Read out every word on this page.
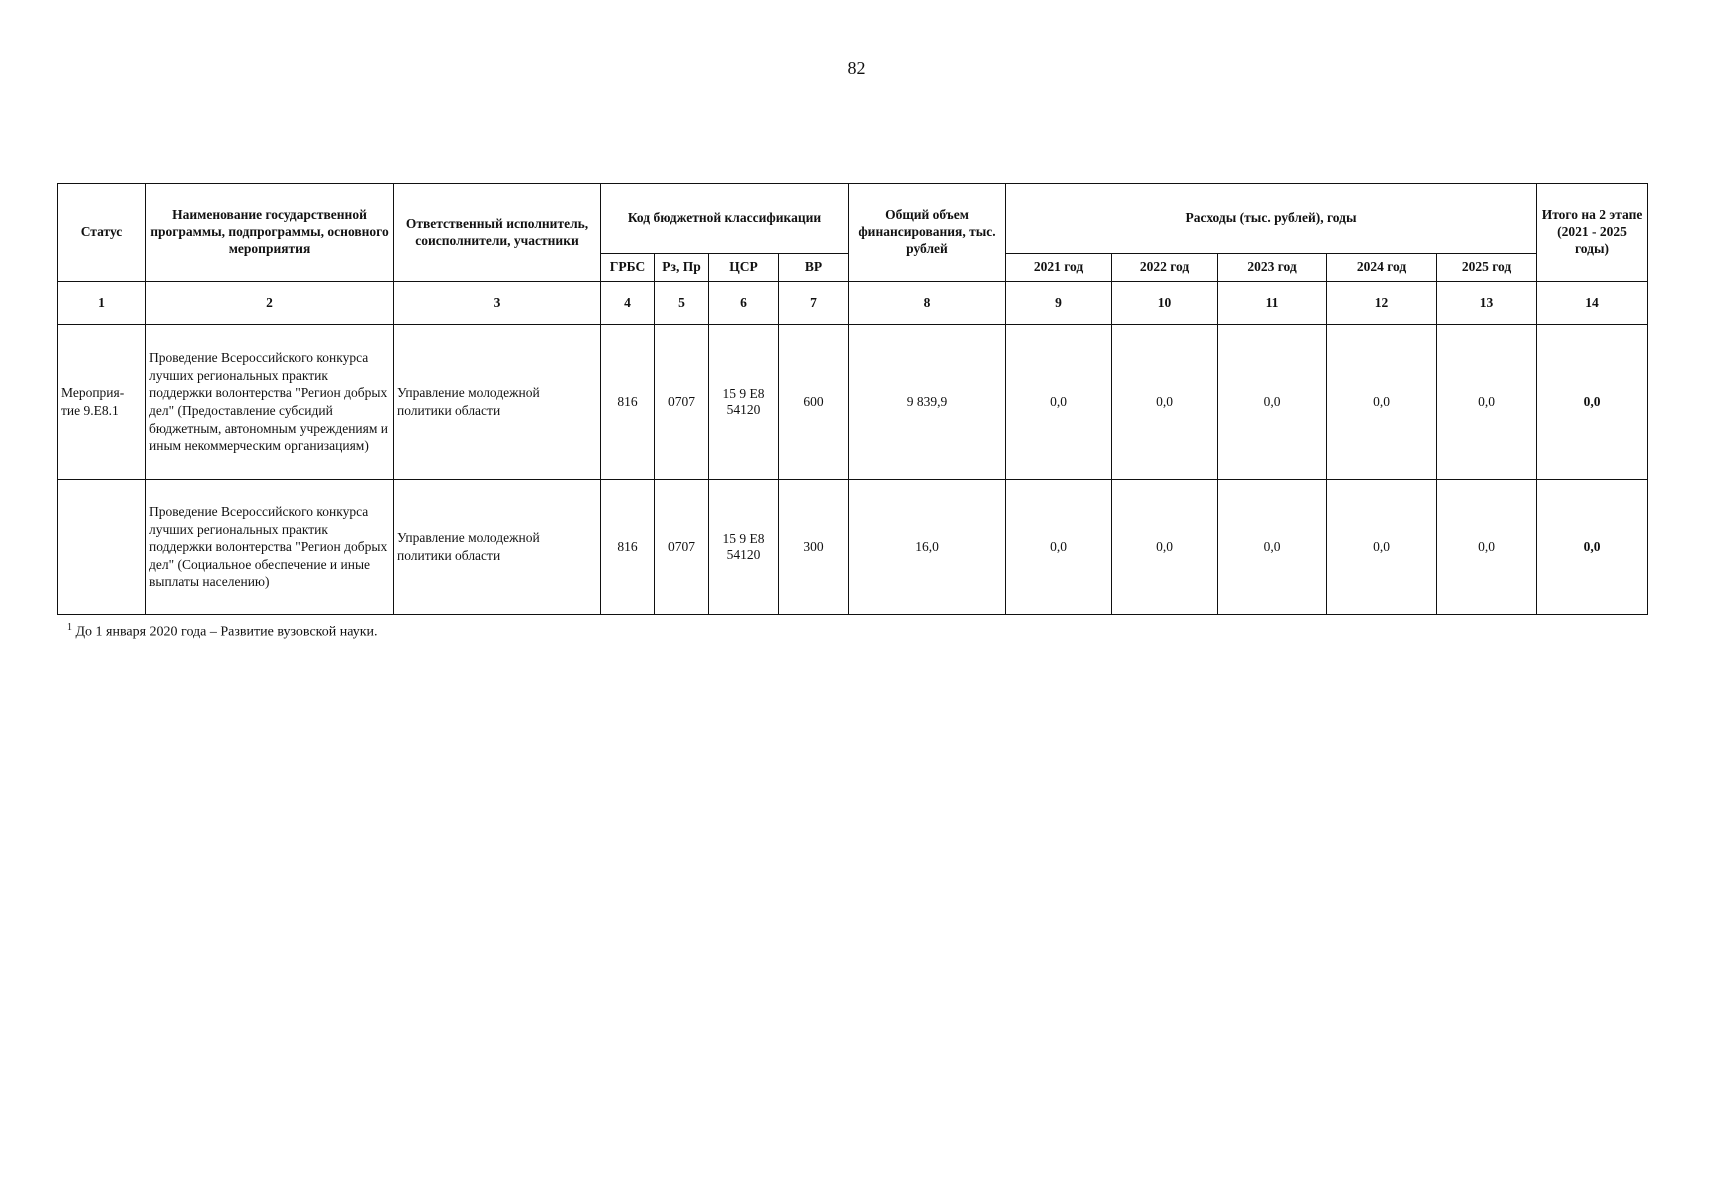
82
Статус	Наименование государственной программы, подпрограммы, основного мероприятия	Ответственный исполнитель, соисполнители, участники	Код бюджетной классификации				Общий объем финансирования, тыс. рублей	Расходы (тыс. рублей), годы					Итого на 2 этапе (2021 - 2025 годы)
			ГРБС	Рз, Пр	ЦСР	ВР		2021 год	2022 год	2023 год	2024 год	2025 год	
1	2	3	4	5	6	7	8	9	10	11	12	13	14
Мероприя-тие 9.Е8.1	Проведение Всероссийского конкурса лучших региональных практик поддержки волонтерства "Регион добрых дел" (Предоставление субсидий бюджетным, автономным учреждениям и иным некоммерческим организациям)	Управление молодежной политики области	816	0707	15 9 E8 54120	600	9 839,9	0,0	0,0	0,0	0,0	0,0	0,0
	Проведение Всероссийского конкурса лучших региональных практик поддержки волонтерства "Регион добрых дел" (Социальное обеспечение и иные выплаты населению)	Управление молодежной политики области	816	0707	15 9 E8 54120	300	16,0	0,0	0,0	0,0	0,0	0,0	0,0
$^1$ До 1 января 2020 года – Развитие вузовской науки.
